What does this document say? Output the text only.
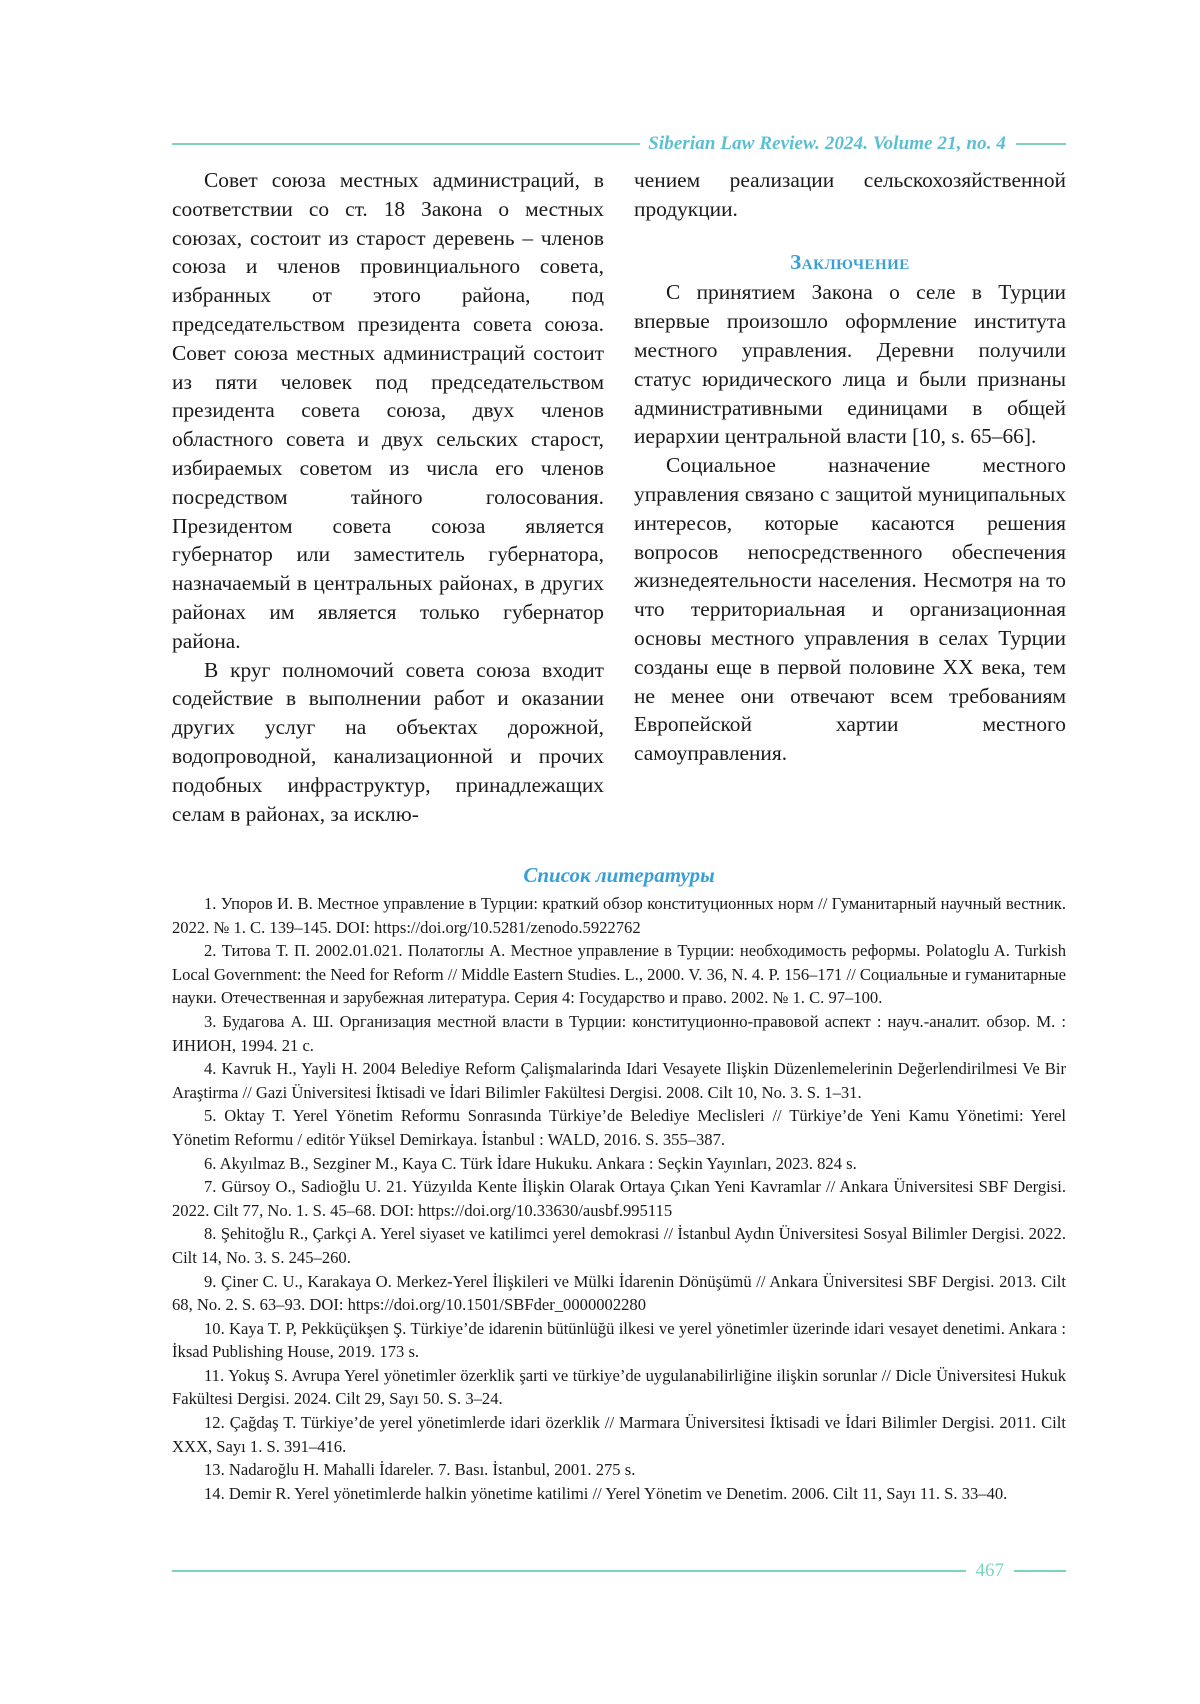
Siberian Law Review. 2024. Volume 21, no. 4

Совет союза местных администраций, в соответствии со ст. 18 Закона о местных союзах, состоит из старост деревень – членов союза и членов провинциального совета, избранных от этого района, под председательством президента совета союза. Совет союза местных администраций состоит из пяти человек под председательством президента совета союза, двух членов областного совета и двух сельских старост, избираемых советом из числа его членов посредством тайного голосования. Президентом совета союза является губернатор или заместитель губернатора, назначаемый в центральных районах, в других районах им является только губернатор района.

В круг полномочий совета союза входит содействие в выполнении работ и оказании других услуг на объектах дорожной, водопроводной, канализационной и прочих подобных инфраструктур, принадлежащих селам в районах, за исклю-

чением реализации сельскохозяйственной продукции.

Заключение

С принятием Закона о селе в Турции впервые произошло оформление института местного управления. Деревни получили статус юридического лица и были признаны административными единицами в общей иерархии центральной власти [10, s. 65–66].

Социальное назначение местного управления связано с защитой муниципальных интересов, которые касаются решения вопросов непосредственного обеспечения жизнедеятельности населения. Несмотря на то что территориальная и организационная основы местного управления в селах Турции созданы еще в первой половине XX века, тем не менее они отвечают всем требованиям Европейской хартии местного самоуправления.

Список литературы

1. Упоров И. В. Местное управление в Турции: краткий обзор конституционных норм // Гуманитарный научный вестник. 2022. № 1. С. 139–145. DOI: https://doi.org/10.5281/zenodo.5922762

2. Титова Т. П. 2002.01.021. Полатоглы А. Местное управление в Турции: необходимость реформы. Polatoglu A. Turkish Local Government: the Need for Reform // Middle Eastern Studies. L., 2000. V. 36, N. 4. P. 156–171 // Социальные и гуманитарные науки. Отечественная и зарубежная литература. Серия 4: Государство и право. 2002. № 1. С. 97–100.

3. Будагова А. Ш. Организация местной власти в Турции: конституционно-правовой аспект : науч.-аналит. обзор. М. : ИНИОН, 1994. 21 с.

4. Kavruk H., Yayli H. 2004 Belediye Reform Çalişmalarinda Idari Vesayete Ilişkin Düzenlemelerinin Değerlendirilmesi Ve Bir Araştirma // Gazi Üniversitesi İktisadi ve İdari Bilimler Fakültesi Dergisi. 2008. Cilt 10, No. 3. S. 1–31.

5. Oktay T. Yerel Yönetim Reformu Sonrasında Türkiye’de Belediye Meclisleri // Türkiye’de Yeni Kamu Yönetimi: Yerel Yönetim Reformu / editör Yüksel Demirkaya. İstanbul : WALD, 2016. S. 355–387.

6. Akyılmaz B., Sezginer M., Kaya C. Türk İdare Hukuku. Ankara : Seçkin Yayınları, 2023. 824 s.

7. Gürsoy O., Sadioğlu U. 21. Yüzyılda Kente İlişkin Olarak Ortaya Çıkan Yeni Kavramlar // Ankara Üniversitesi SBF Dergisi. 2022. Cilt 77, No. 1. S. 45–68. DOI: https://doi.org/10.33630/ausbf.995115

8. Şehitoğlu R., Çarkçi A. Yerel siyaset ve katilimci yerel demokrasi // İstanbul Aydın Üniversitesi Sosyal Bilimler Dergisi. 2022. Cilt 14, No. 3. S. 245–260.

9. Çiner C. U., Karakaya O. Merkez-Yerel İlişkileri ve Mülki İdarenin Dönüşümü // Ankara Üniversitesi SBF Dergisi. 2013. Cilt 68, No. 2. S. 63–93. DOI: https://doi.org/10.1501/SBFder_0000002280

10. Kaya T. P, Pekküçükşen Ş. Türkiye’de idarenin bütünlüğü ilkesi ve yerel yönetimler üzerinde idari vesayet denetimi. Ankara : İksad Publishing House, 2019. 173 s.

11. Yokuş S. Avrupa Yerel yönetimler özerklik şarti ve türkiye’de uygulanabilirliğine ilişkin sorunlar // Dicle Üniversitesi Hukuk Fakültesi Dergisi. 2024. Cilt 29, Sayı 50. S. 3–24.

12. Çağdaş T. Türkiye’de yerel yönetimlerde idari özerklik // Marmara Üniversitesi İktisadi ve İdari Bilimler Dergisi. 2011. Cilt XXX, Sayı 1. S. 391–416.

13. Nadaroğlu H. Mahalli İdareler. 7. Bası. İstanbul, 2001. 275 s.

14. Demir R. Yerel yönetimlerde halkin yönetime katilimi // Yerel Yönetim ve Denetim. 2006. Cilt 11, Sayı 11. S. 33–40.

467
